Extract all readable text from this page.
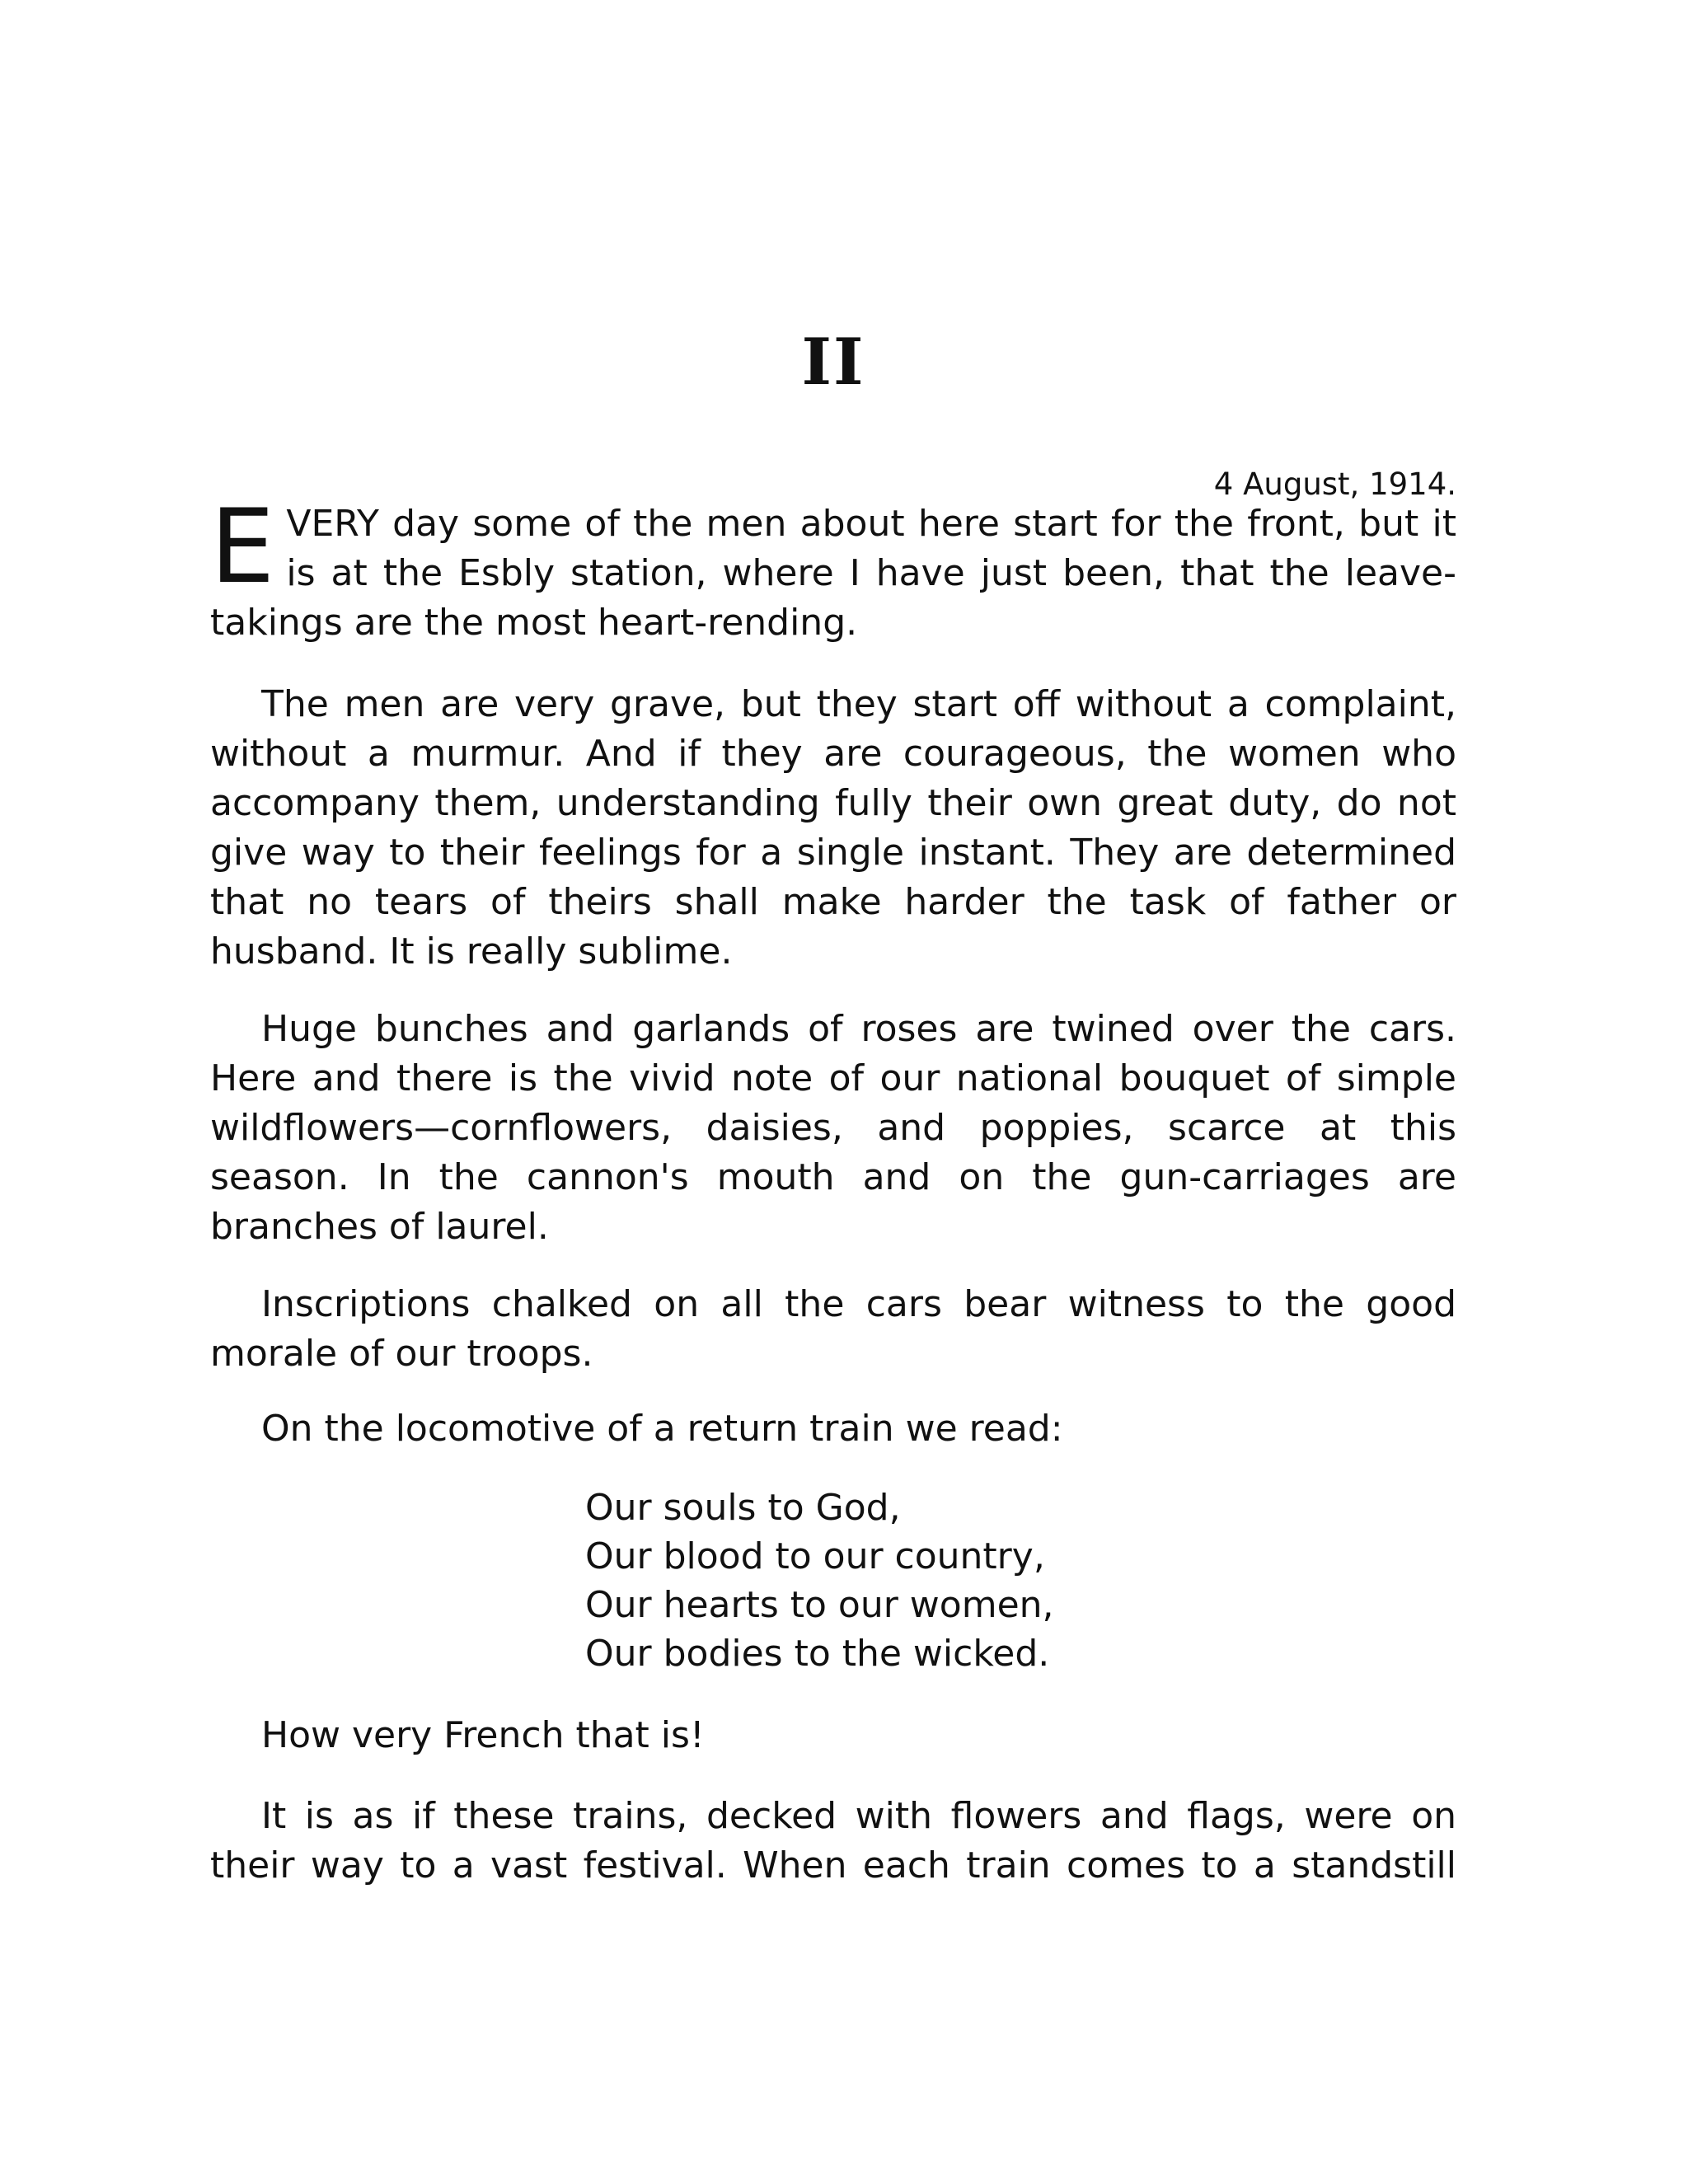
II
4 August, 1914.
EVERY day some of the men about here start for the front, but it is at the Esbly station, where I have just been, that the leave-takings are the most heart-rending.
The men are very grave, but they start off without a complaint, without a murmur. And if they are courageous, the women who accompany them, understanding fully their own great duty, do not give way to their feelings for a single instant. They are determined that no tears of theirs shall make harder the task of father or husband. It is really sublime.
Huge bunches and garlands of roses are twined over the cars. Here and there is the vivid note of our national bouquet of simple wildflowers—cornflowers, daisies, and poppies, scarce at this season. In the cannon's mouth and on the gun-carriages are branches of laurel.
Inscriptions chalked on all the cars bear witness to the good morale of our troops.
On the locomotive of a return train we read:
Our souls to God,
Our blood to our country,
Our hearts to our women,
Our bodies to the wicked.
How very French that is!
It is as if these trains, decked with flowers and flags, were on their way to a vast festival. When each train comes to a standstill
